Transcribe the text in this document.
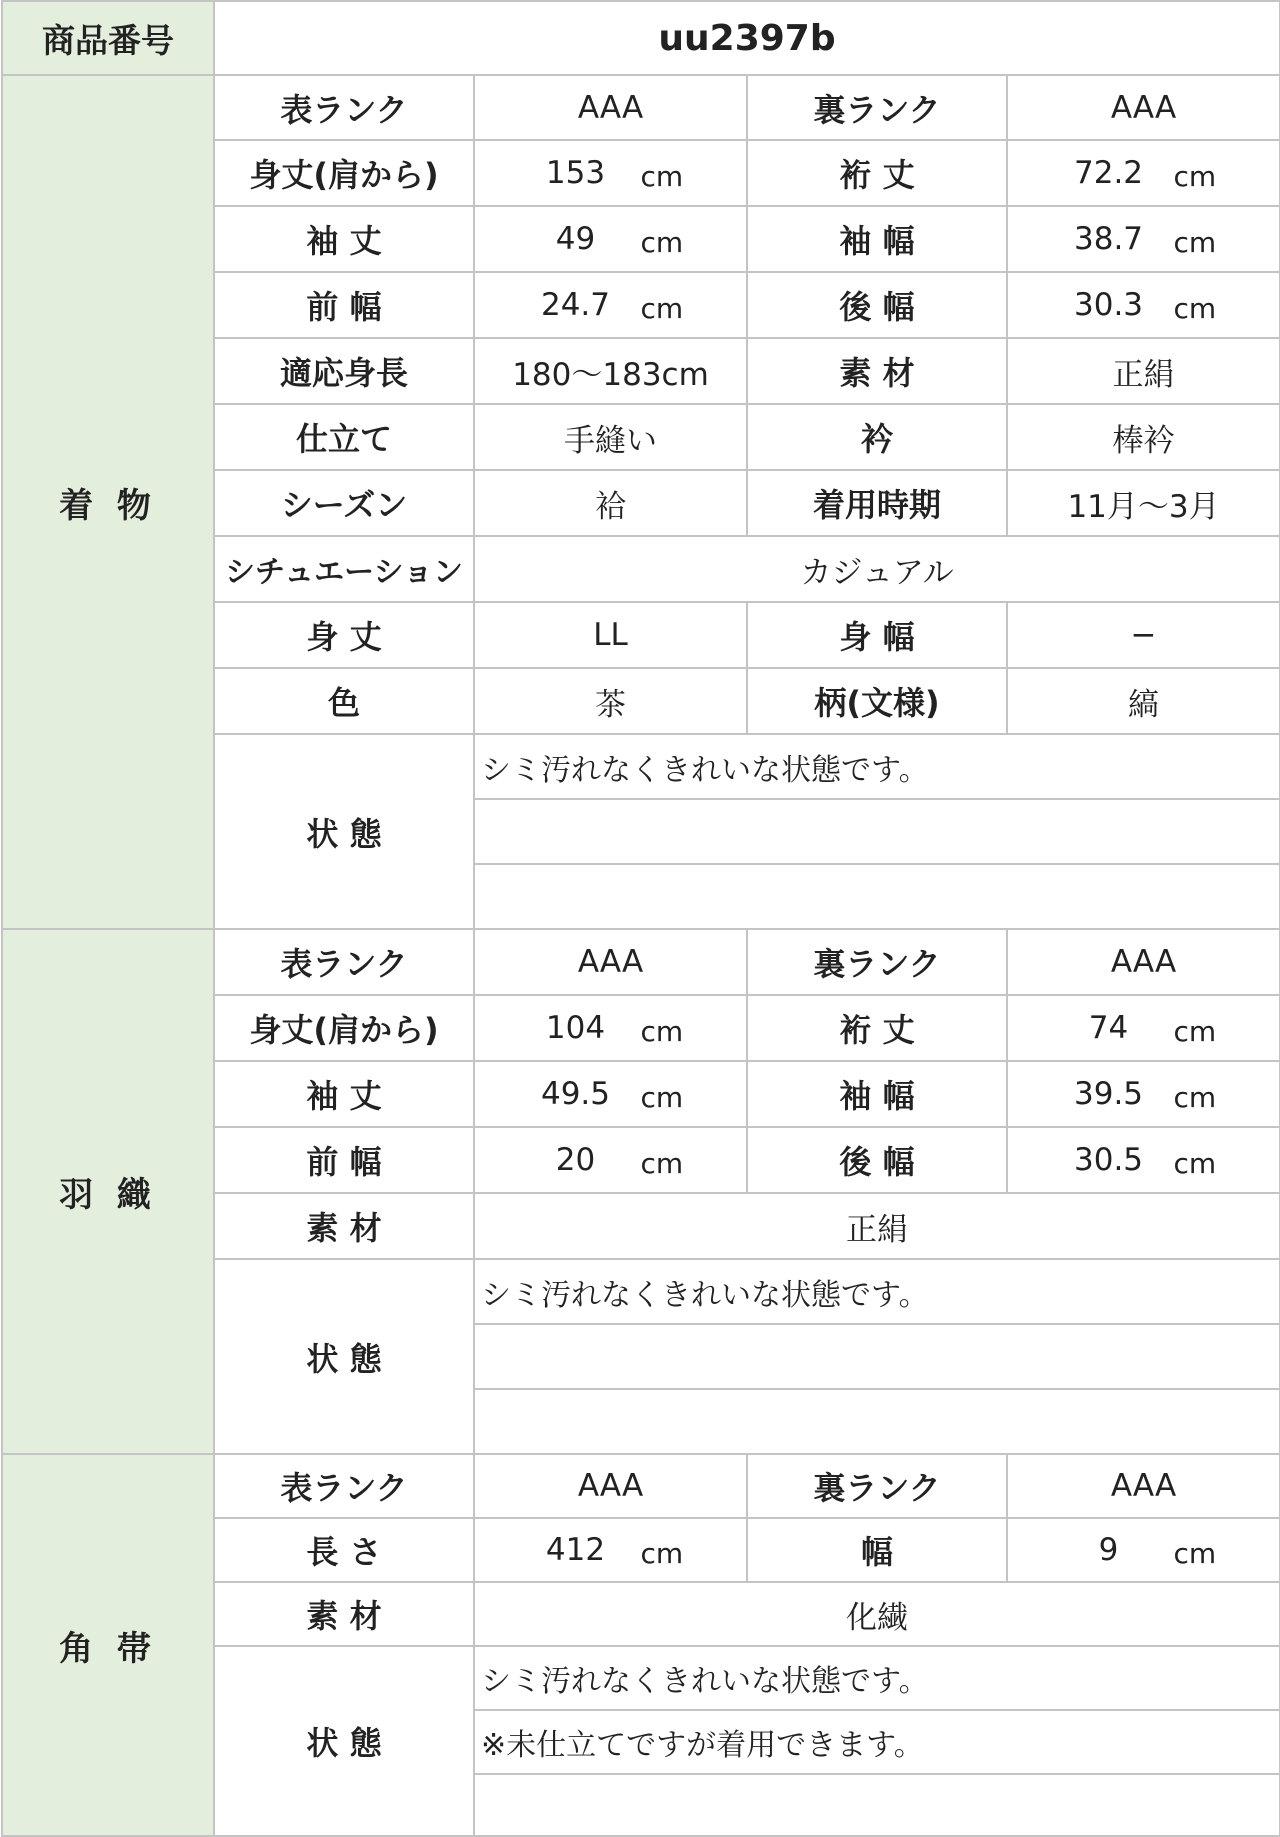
商品番号	uu2397b			
着 物	表ランク	AAA	裏ランク	AAA
	身丈(肩から)	153 cm	裄 丈	72.2 cm
	袖 丈	49 cm	袖 幅	38.7 cm
	前 幅	24.7 cm	後 幅	30.3 cm
	適応身長	180〜183cm	素 材	正絹
	仕立て	手縫い	衿	棒衿
	シーズン	袷	着用時期	11月〜3月
	シチュエーション	カジュアル		
	身 丈	LL	身 幅	−
	色	茶	柄(文様)	縞
	状 態	シミ汚れなくきれいな状態です。		

羽 織	表ランク	AAA	裏ランク	AAA
	身丈(肩から)	104 cm	裄 丈	74 cm
	袖 丈	49.5 cm	袖 幅	39.5 cm
	前 幅	20 cm	後 幅	30.5 cm
	素 材	正絹		
	状 態	シミ汚れなくきれいな状態です。		

角 帯	表ランク	AAA	裏ランク	AAA
	長 さ	412 cm	幅	9 cm
	素 材	化繊		
	状 態	シミ汚れなくきれいな状態です。		
		※未仕立てですが着用できます。		
